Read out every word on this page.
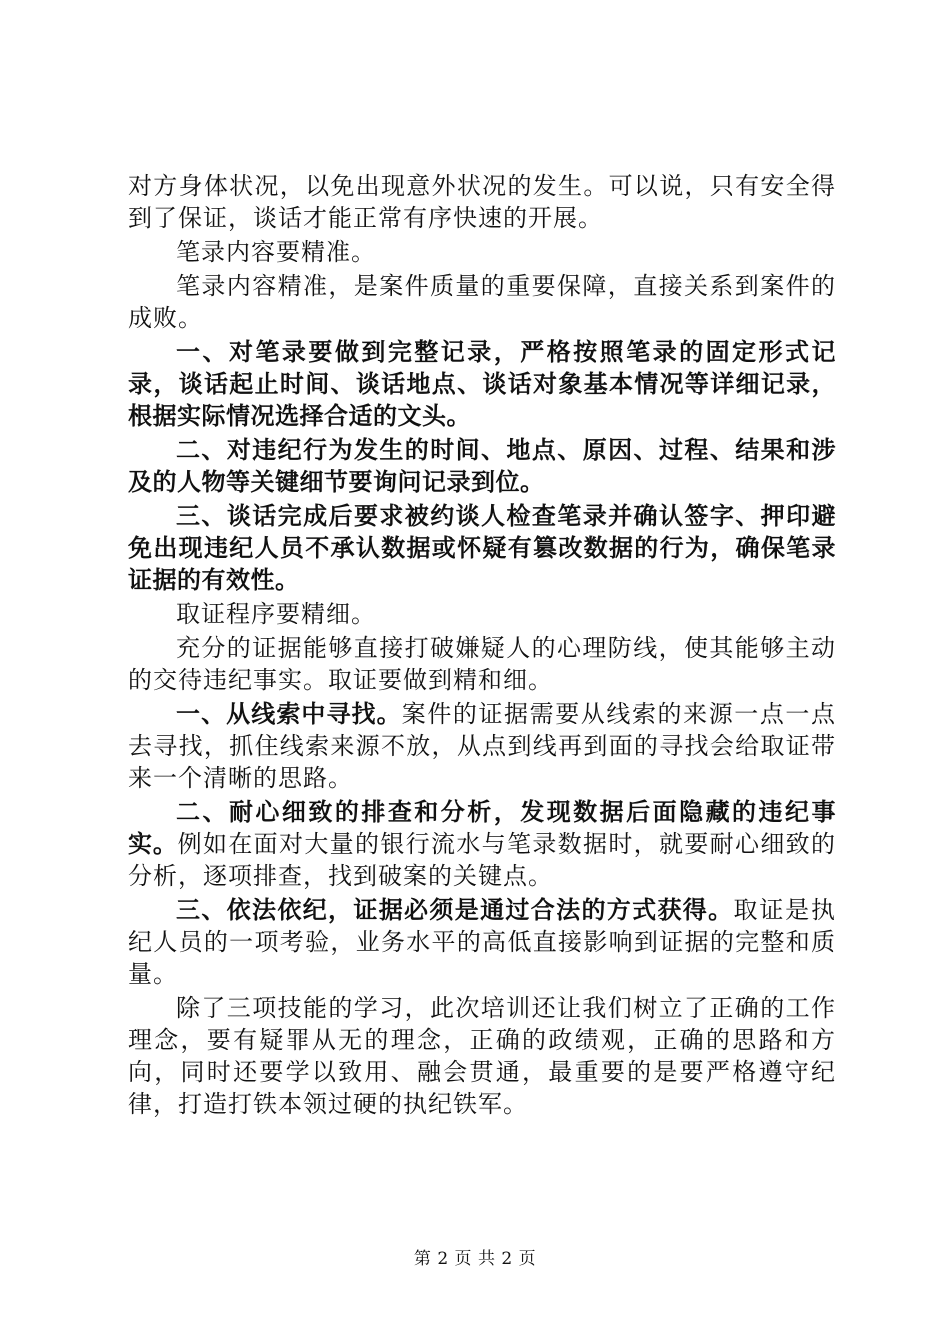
对方身体状况，以免出现意外状况的发生。可以说，只有安全得到了保证，谈话才能正常有序快速的开展。

笔录内容要精准。

笔录内容精准，是案件质量的重要保障，直接关系到案件的成败。

一、对笔录要做到完整记录，严格按照笔录的固定形式记录，谈话起止时间、谈话地点、谈话对象基本情况等详细记录，根据实际情况选择合适的文头。

二、对违纪行为发生的时间、地点、原因、过程、结果和涉及的人物等关键细节要询问记录到位。

三、谈话完成后要求被约谈人检查笔录并确认签字、押印避免出现违纪人员不承认数据或怀疑有篡改数据的行为，确保笔录证据的有效性。

取证程序要精细。

充分的证据能够直接打破嫌疑人的心理防线，使其能够主动的交待违纪事实。取证要做到精和细。

一、从线索中寻找。案件的证据需要从线索的来源一点一点去寻找，抓住线索来源不放，从点到线再到面的寻找会给取证带来一个清晰的思路。

二、耐心细致的排查和分析，发现数据后面隐藏的违纪事实。例如在面对大量的银行流水与笔录数据时，就要耐心细致的分析，逐项排查，找到破案的关键点。

三、依法依纪，证据必须是通过合法的方式获得。取证是执纪人员的一项考验，业务水平的高低直接影响到证据的完整和质量。

除了三项技能的学习，此次培训还让我们树立了正确的工作理念，要有疑罪从无的理念，正确的政绩观，正确的思路和方向，同时还要学以致用、融会贯通，最重要的是要严格遵守纪律，打造打铁本领过硬的执纪铁军。

第 2 页 共 2 页
